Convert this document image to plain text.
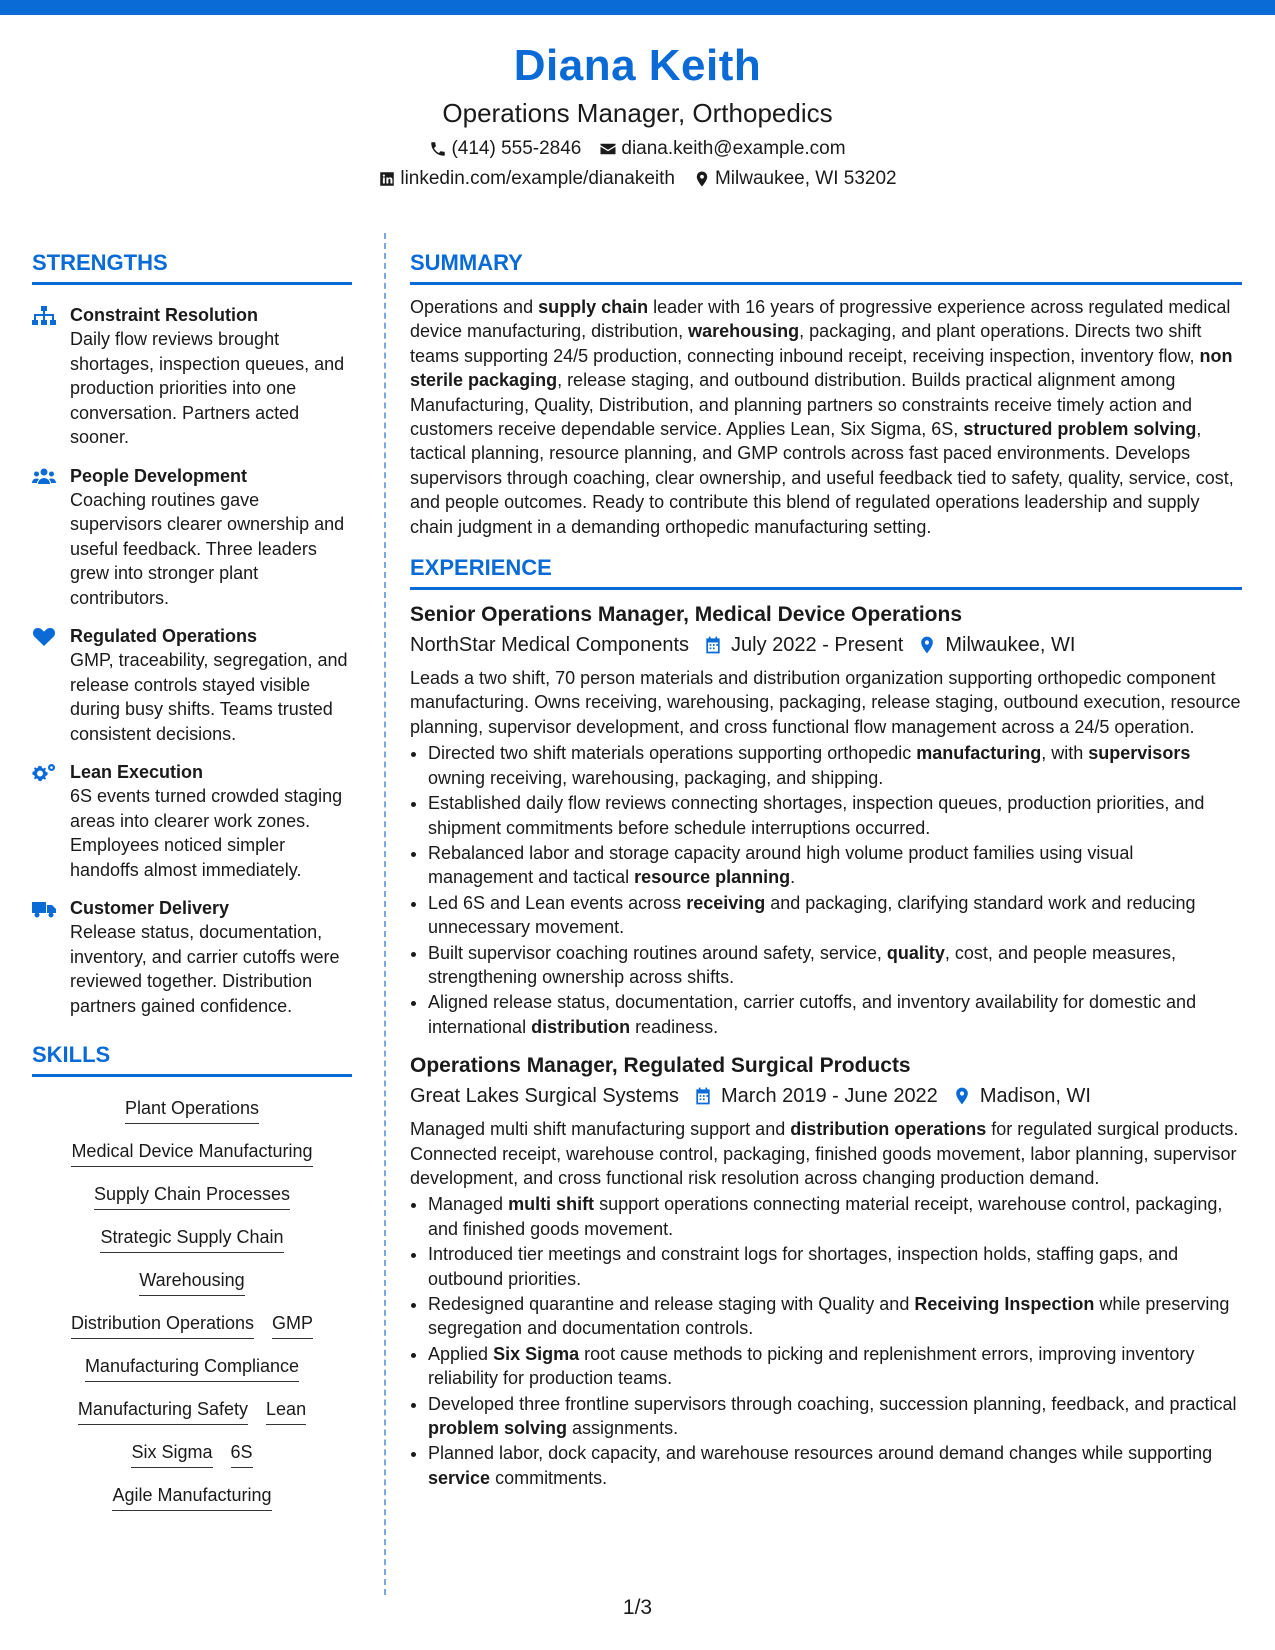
Diana Keith
Operations Manager, Orthopedics
(414) 555-2846 diana.keith@example.com
linkedin.com/example/dianakeith Milwaukee, WI 53202
STRENGTHS
Constraint Resolution
Daily flow reviews brought shortages, inspection queues, and production priorities into one conversation. Partners acted sooner.
People Development
Coaching routines gave supervisors clearer ownership and useful feedback. Three leaders grew into stronger plant contributors.
Regulated Operations
GMP, traceability, segregation, and release controls stayed visible during busy shifts. Teams trusted consistent decisions.
Lean Execution
6S events turned crowded staging areas into clearer work zones. Employees noticed simpler handoffs almost immediately.
Customer Delivery
Release status, documentation, inventory, and carrier cutoffs were reviewed together. Distribution partners gained confidence.
SKILLS
Plant Operations
Medical Device Manufacturing
Supply Chain Processes
Strategic Supply Chain
Warehousing
Distribution Operations GMP
Manufacturing Compliance
Manufacturing Safety Lean
Six Sigma 6S
Agile Manufacturing
SUMMARY
Operations and supply chain leader with 16 years of progressive experience across regulated medical device manufacturing, distribution, warehousing, packaging, and plant operations. Directs two shift teams supporting 24/5 production, connecting inbound receipt, receiving inspection, inventory flow, non sterile packaging, release staging, and outbound distribution. Builds practical alignment among Manufacturing, Quality, Distribution, and planning partners so constraints receive timely action and customers receive dependable service. Applies Lean, Six Sigma, 6S, structured problem solving, tactical planning, resource planning, and GMP controls across fast paced environments. Develops supervisors through coaching, clear ownership, and useful feedback tied to safety, quality, service, cost, and people outcomes. Ready to contribute this blend of regulated operations leadership and supply chain judgment in a demanding orthopedic manufacturing setting.
EXPERIENCE
Senior Operations Manager, Medical Device Operations
NorthStar Medical Components July 2022 - Present Milwaukee, WI
Leads a two shift, 70 person materials and distribution organization supporting orthopedic component manufacturing. Owns receiving, warehousing, packaging, release staging, outbound execution, resource planning, supervisor development, and cross functional flow management across a 24/5 operation.
• Directed two shift materials operations supporting orthopedic manufacturing, with supervisors owning receiving, warehousing, packaging, and shipping.
• Established daily flow reviews connecting shortages, inspection queues, production priorities, and shipment commitments before schedule interruptions occurred.
• Rebalanced labor and storage capacity around high volume product families using visual management and tactical resource planning.
• Led 6S and Lean events across receiving and packaging, clarifying standard work and reducing unnecessary movement.
• Built supervisor coaching routines around safety, service, quality, cost, and people measures, strengthening ownership across shifts.
• Aligned release status, documentation, carrier cutoffs, and inventory availability for domestic and international distribution readiness.
Operations Manager, Regulated Surgical Products
Great Lakes Surgical Systems March 2019 - June 2022 Madison, WI
Managed multi shift manufacturing support and distribution operations for regulated surgical products. Connected receipt, warehouse control, packaging, finished goods movement, labor planning, supervisor development, and cross functional risk resolution across changing production demand.
• Managed multi shift support operations connecting material receipt, warehouse control, packaging, and finished goods movement.
• Introduced tier meetings and constraint logs for shortages, inspection holds, staffing gaps, and outbound priorities.
• Redesigned quarantine and release staging with Quality and Receiving Inspection while preserving segregation and documentation controls.
• Applied Six Sigma root cause methods to picking and replenishment errors, improving inventory reliability for production teams.
• Developed three frontline supervisors through coaching, succession planning, feedback, and practical problem solving assignments.
• Planned labor, dock capacity, and warehouse resources around demand changes while supporting service commitments.
1/3
